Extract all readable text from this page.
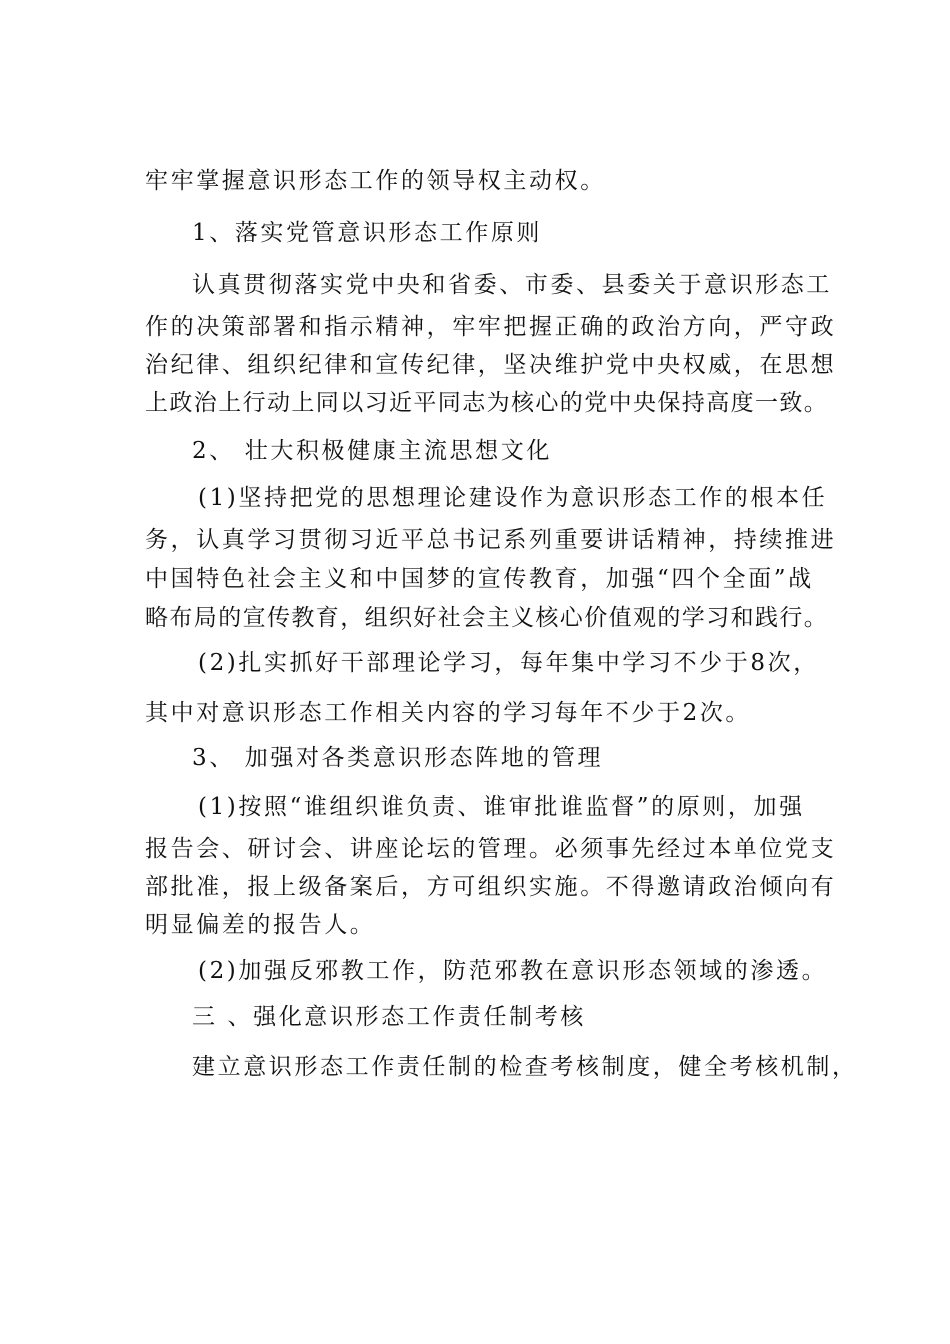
牢牢掌握意识形态工作的领导权主动权。
1、落实党管意识形态工作原则
认真贯彻落实党中央和省委、市委、县委关于意识形态工
作的决策部署和指示精神，牢牢把握正确的政治方向，严守政
治纪律、组织纪律和宣传纪律，坚决维护党中央权威，在思想
上政治上行动上同以习近平同志为核心的党中央保持高度一致。
2、 壮大积极健康主流思想文化
(1)坚持把党的思想理论建设作为意识形态工作的根本任
务，认真学习贯彻习近平总书记系列重要讲话精神，持续推进
中国特色社会主义和中国梦的宣传教育，加强“四个全面”战
略布局的宣传教育，组织好社会主义核心价值观的学习和践行。
(2)扎实抓好干部理论学习，每年集中学习不少于8次，
其中对意识形态工作相关内容的学习每年不少于2次。
3、 加强对各类意识形态阵地的管理
(1)按照“谁组织谁负责、谁审批谁监督”的原则，加强
报告会、研讨会、讲座论坛的管理。必须事先经过本单位党支
部批准，报上级备案后，方可组织实施。不得邀请政治倾向有
明显偏差的报告人。
(2)加强反邪教工作，防范邪教在意识形态领域的渗透。
三 、强化意识形态工作责任制考核
建立意识形态工作责任制的检查考核制度，健全考核机制，
